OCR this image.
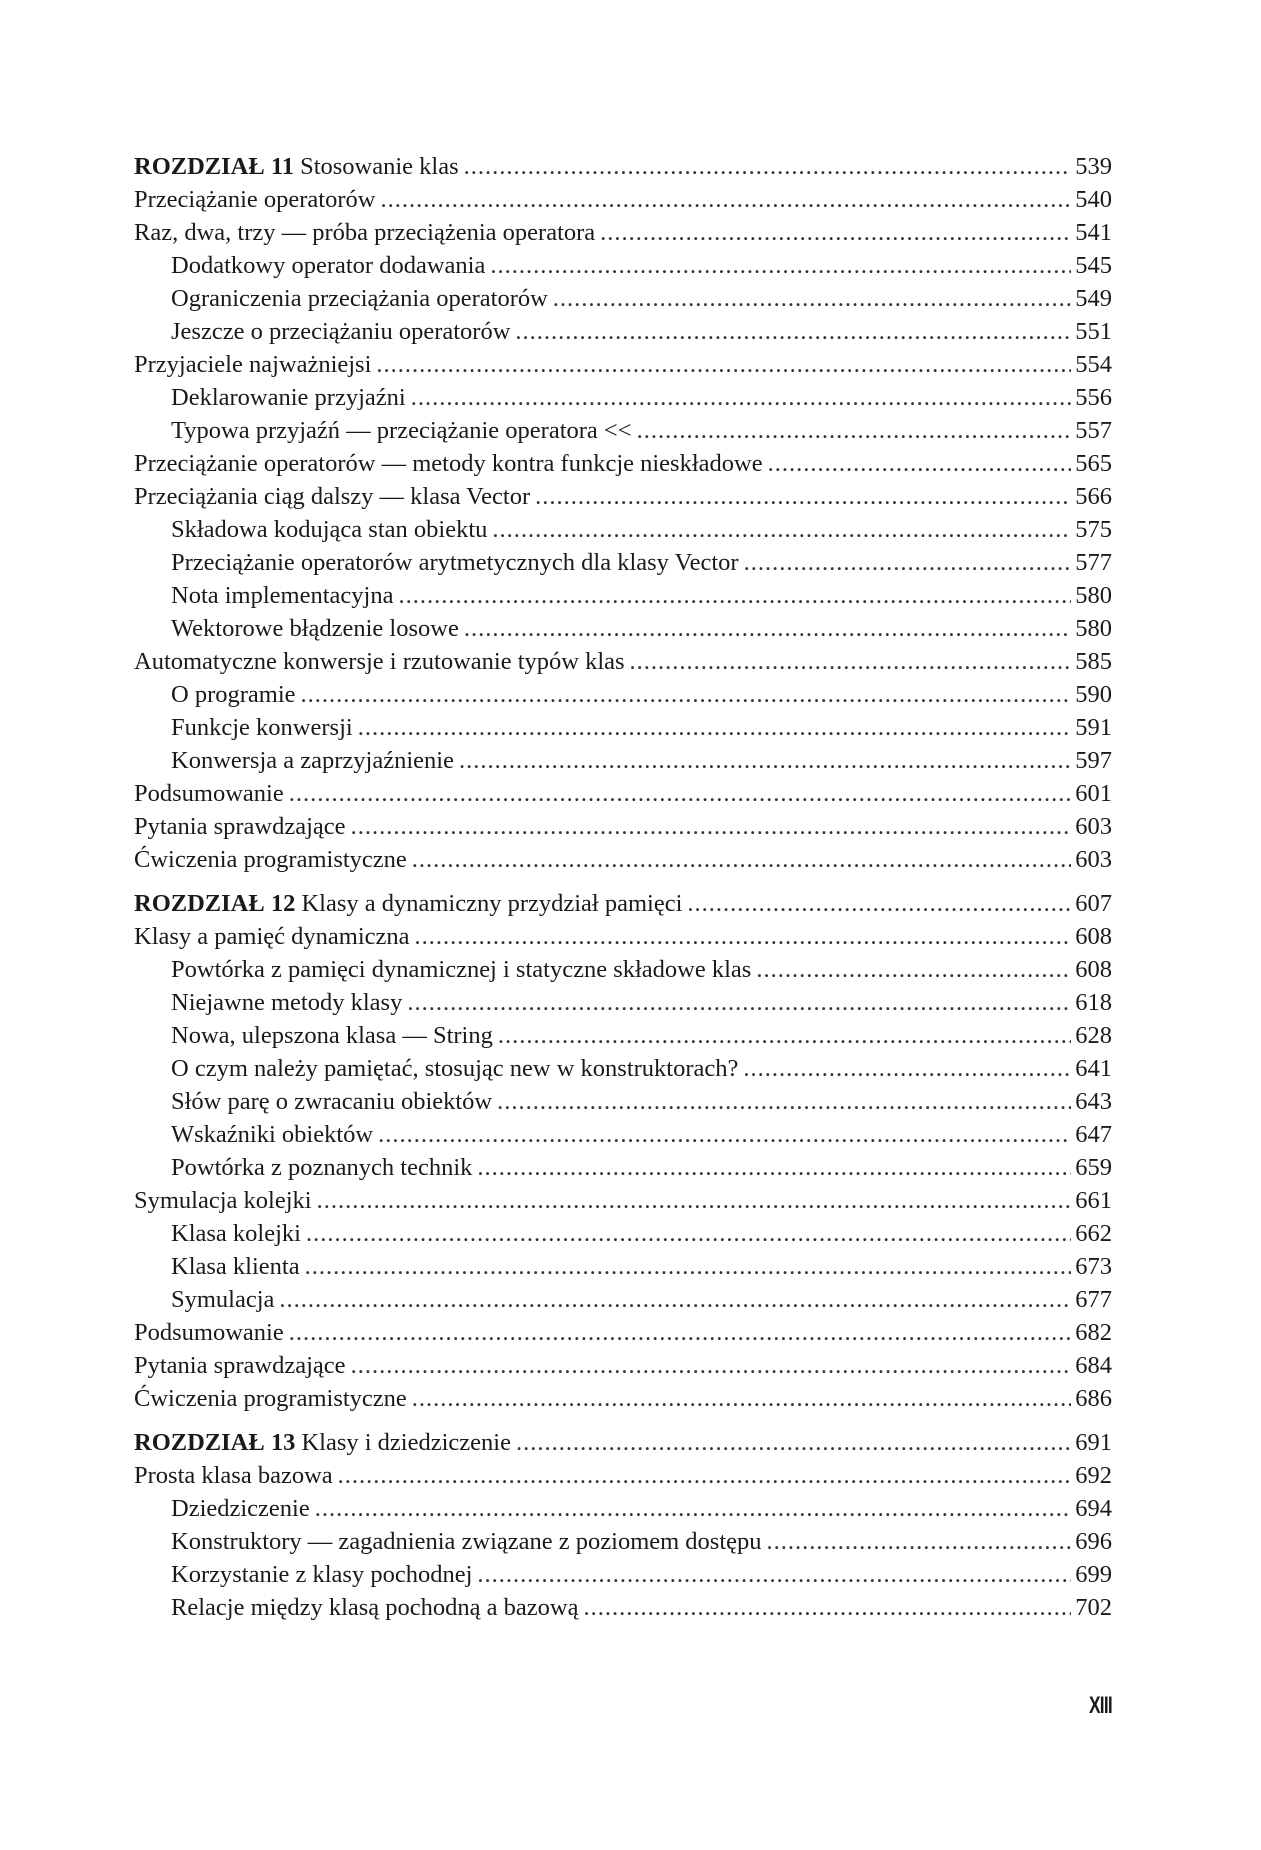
ROZDZIAŁ 11 Stosowanie klas .....	539
Przeciążanie operatorów .....	540
Raz, dwa, trzy — próba przeciążenia operatora .....	541
Dodatkowy operator dodawania .....	545
Ograniczenia przeciążania operatorów .....	549
Jeszcze o przeciążaniu operatorów .....	551
Przyjaciele najważniejsi .....	554
Deklarowanie przyjaźni .....	556
Typowa przyjaźń — przeciążanie operatora << .....	557
Przeciążanie operatorów — metody kontra funkcje nieskładowe .....	565
Przeciążania ciąg dalszy — klasa Vector .....	566
Składowa kodująca stan obiektu .....	575
Przeciążanie operatorów arytmetycznych dla klasy Vector .....	577
Nota implementacyjna .....	580
Wektorowe błądzenie losowe .....	580
Automatyczne konwersje i rzutowanie typów klas .....	585
O programie .....	590
Funkcje konwersji .....	591
Konwersja a zaprzyjaźnienie .....	597
Podsumowanie .....	601
Pytania sprawdzające .....	603
Ćwiczenia programistyczne .....	603
ROZDZIAŁ 12 Klasy a dynamiczny przydział pamięci .....	607
Klasy a pamięć dynamiczna .....	608
Powtórka z pamięci dynamicznej i statyczne składowe klas .....	608
Niejawne metody klasy .....	618
Nowa, ulepszona klasa — String .....	628
O czym należy pamiętać, stosując new w konstruktorach? .....	641
Słów parę o zwracaniu obiektów .....	643
Wskaźniki obiektów .....	647
Powtórka z poznanych technik .....	659
Symulacja kolejki .....	661
Klasa kolejki .....	662
Klasa klienta .....	673
Symulacja .....	677
Podsumowanie .....	682
Pytania sprawdzające .....	684
Ćwiczenia programistyczne .....	686
ROZDZIAŁ 13 Klasy i dziedziczenie .....	691
Prosta klasa bazowa .....	692
Dziedziczenie .....	694
Konstruktory — zagadnienia związane z poziomem dostępu .....	696
Korzystanie z klasy pochodnej .....	699
Relacje między klasą pochodną a bazową .....	702
XIII
